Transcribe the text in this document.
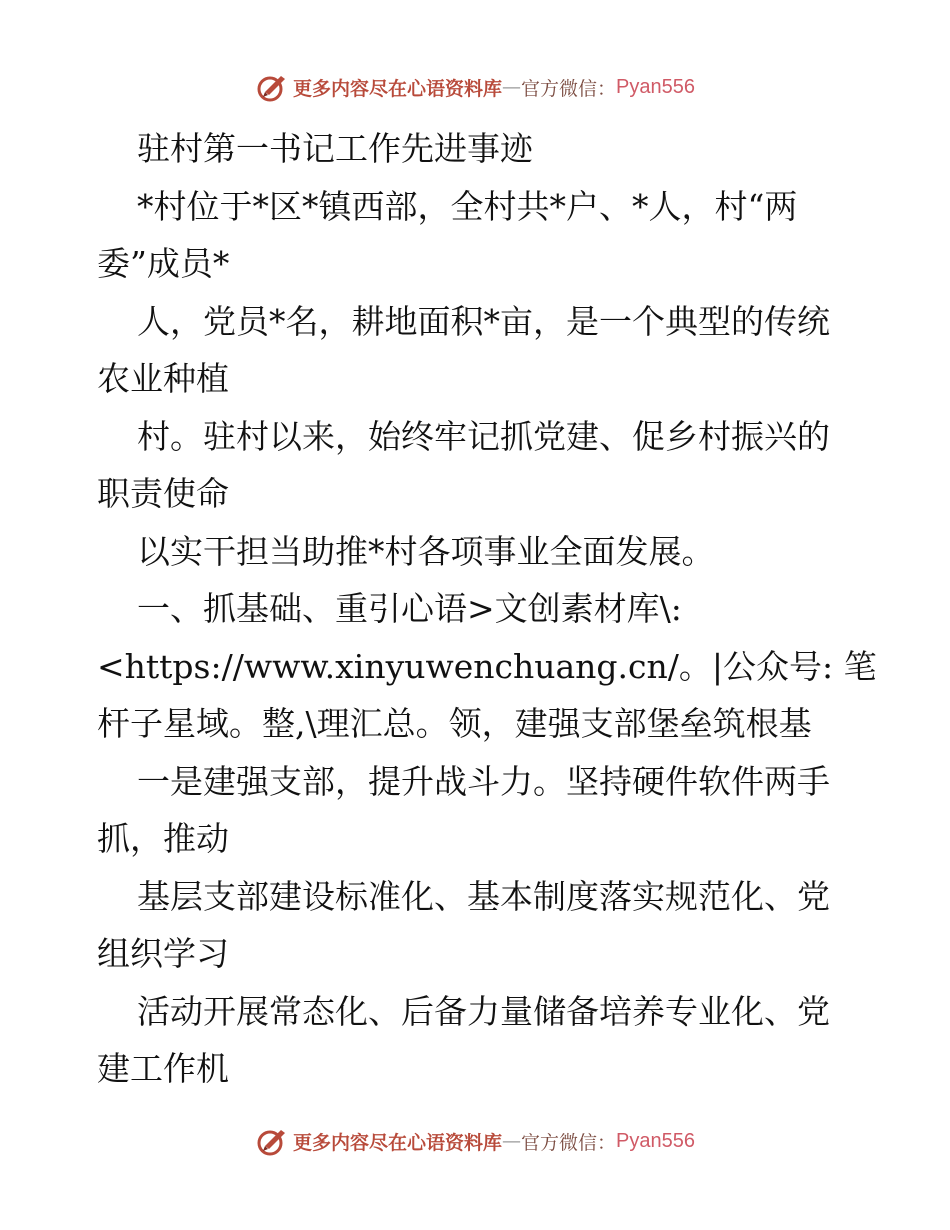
更多内容尽在心语资料库 — 官方微信： Pyan556

驻村第一书记工作先进事迹

*村位于*区*镇西部，全村共*户、*人，村“两

委”成员*

人，党员*名，耕地面积*亩，是一个典型的传统

农业种植

村。驻村以来，始终牢记抓党建、促乡村振兴的

职责使命

以实干担当助推*村各项事业全面发展。

一、抓基础、重引心语>文创素材库\:

<https://www.xinyuwenchuang.cn/。|公众号: 笔

杆子星域。整,\理汇总。领，建强支部堡垒筑根基

一是建强支部，提升战斗力。坚持硬件软件两手

抓，推动

基层支部建设标准化、基本制度落实规范化、党

组织学习

活动开展常态化、后备力量储备培养专业化、党

建工作机

更多内容尽在心语资料库 — 官方微信： Pyan556
